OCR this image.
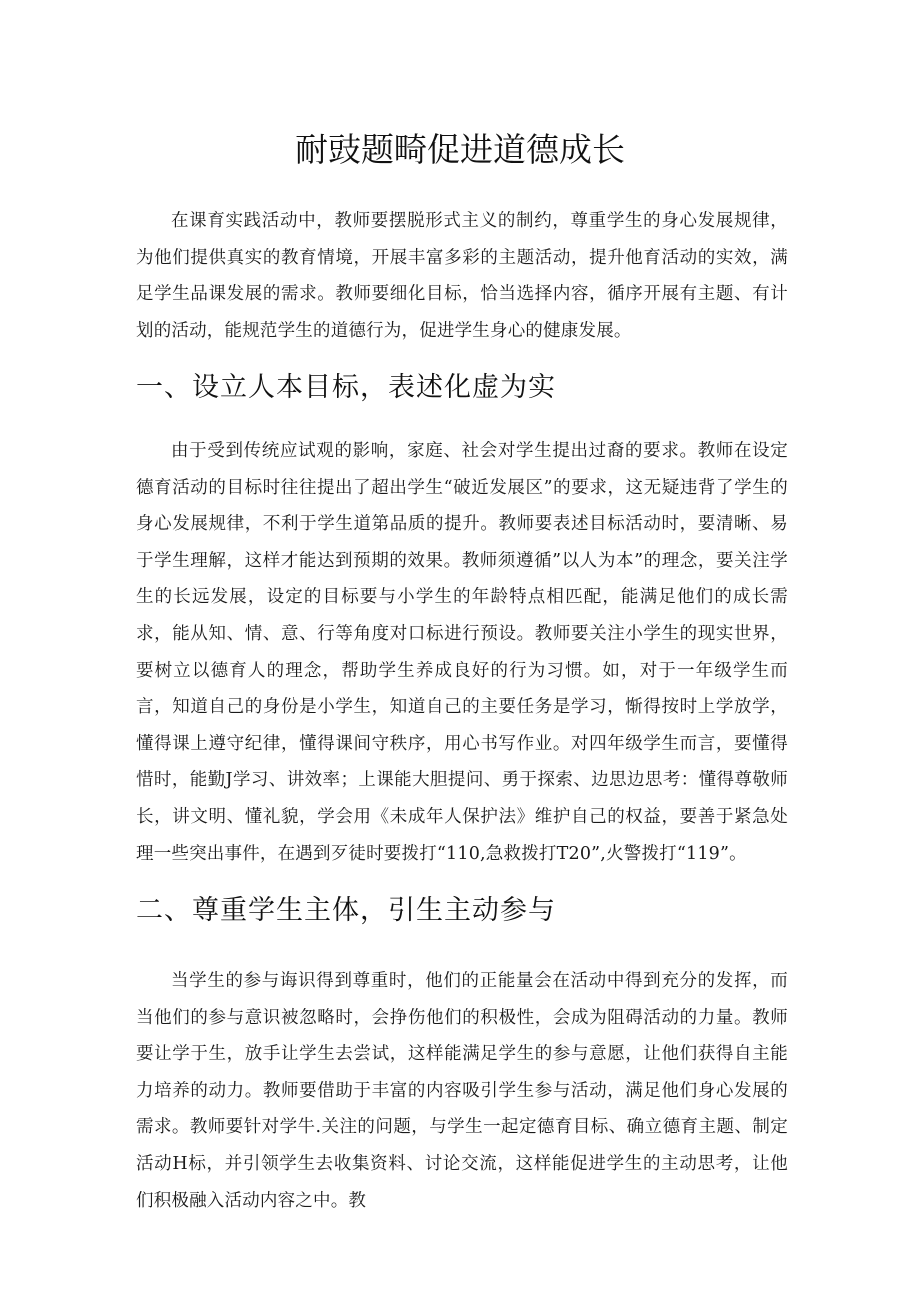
耐豉题畸促进道德成长

在课育实践活动中，教师要摆脱形式主义的制约，尊重学生的身心发展规律，为他们提供真实的教育情境，开展丰富多彩的主题活动，提升他育活动的实效，满足学生品课发展的需求。教师要细化目标，恰当选择内容，循序开展有主题、有计划的活动，能规范学生的道德行为，促进学生身心的健康发展。

一、设立人本目标，表述化虚为实

由于受到传统应试观的影响，家庭、社会对学生提出过裔的要求。教师在设定德育活动的目标时往往提出了超出学生“破近发展区”的要求，这无疑违背了学生的身心发展规律，不利于学生道第品质的提升。教师要表述目标活动时，要清晰、易于学生理解，这样才能达到预期的效果。教师须遵循”以人为本”的理念，要关注学生的长远发展，设定的目标要与小学生的年龄特点相匹配，能满足他们的成长需求，能从知、情、意、行等角度对口标进行预设。教师要关注小学生的现实世界，要树立以德育人的理念，帮助学生养成良好的行为习惯。如，对于一年级学生而言，知道自己的身份是小学生，知道自己的主要任务是学习，惭得按时上学放学，懂得课上遵守纪律，懂得课间守秩序，用心书写作业。对四年级学生而言，要懂得惜时，能勤J学习、讲效率；上课能大胆提问、勇于探索、边思边思考：懂得尊敬师长，讲文明、懂礼貌，学会用《未成年人保护法》维护自己的权益，要善于紧急处理一些突出事件，在遇到歹徒时要拨打“110,急救拨打T20”,火警拨打“119”。

二、尊重学生主体，引生主动参与

当学生的参与诲识得到尊重时，他们的正能量会在活动中得到充分的发挥，而当他们的参与意识被忽略时，会挣伤他们的积极性，会成为阻碍活动的力量。教师要让学于生，放手让学生去尝试，这样能满足学生的参与意愿，让他们获得自主能力培养的动力。教师要借助于丰富的内容吸引学生参与活动，满足他们身心发展的需求。教师要针对学牛.关注的问题，与学生一起定德育目标、确立德育主题、制定活动H标，并引领学生去收集资料、讨论交流，这样能促进学生的主动思考，让他们积极融入活动内容之中。教
